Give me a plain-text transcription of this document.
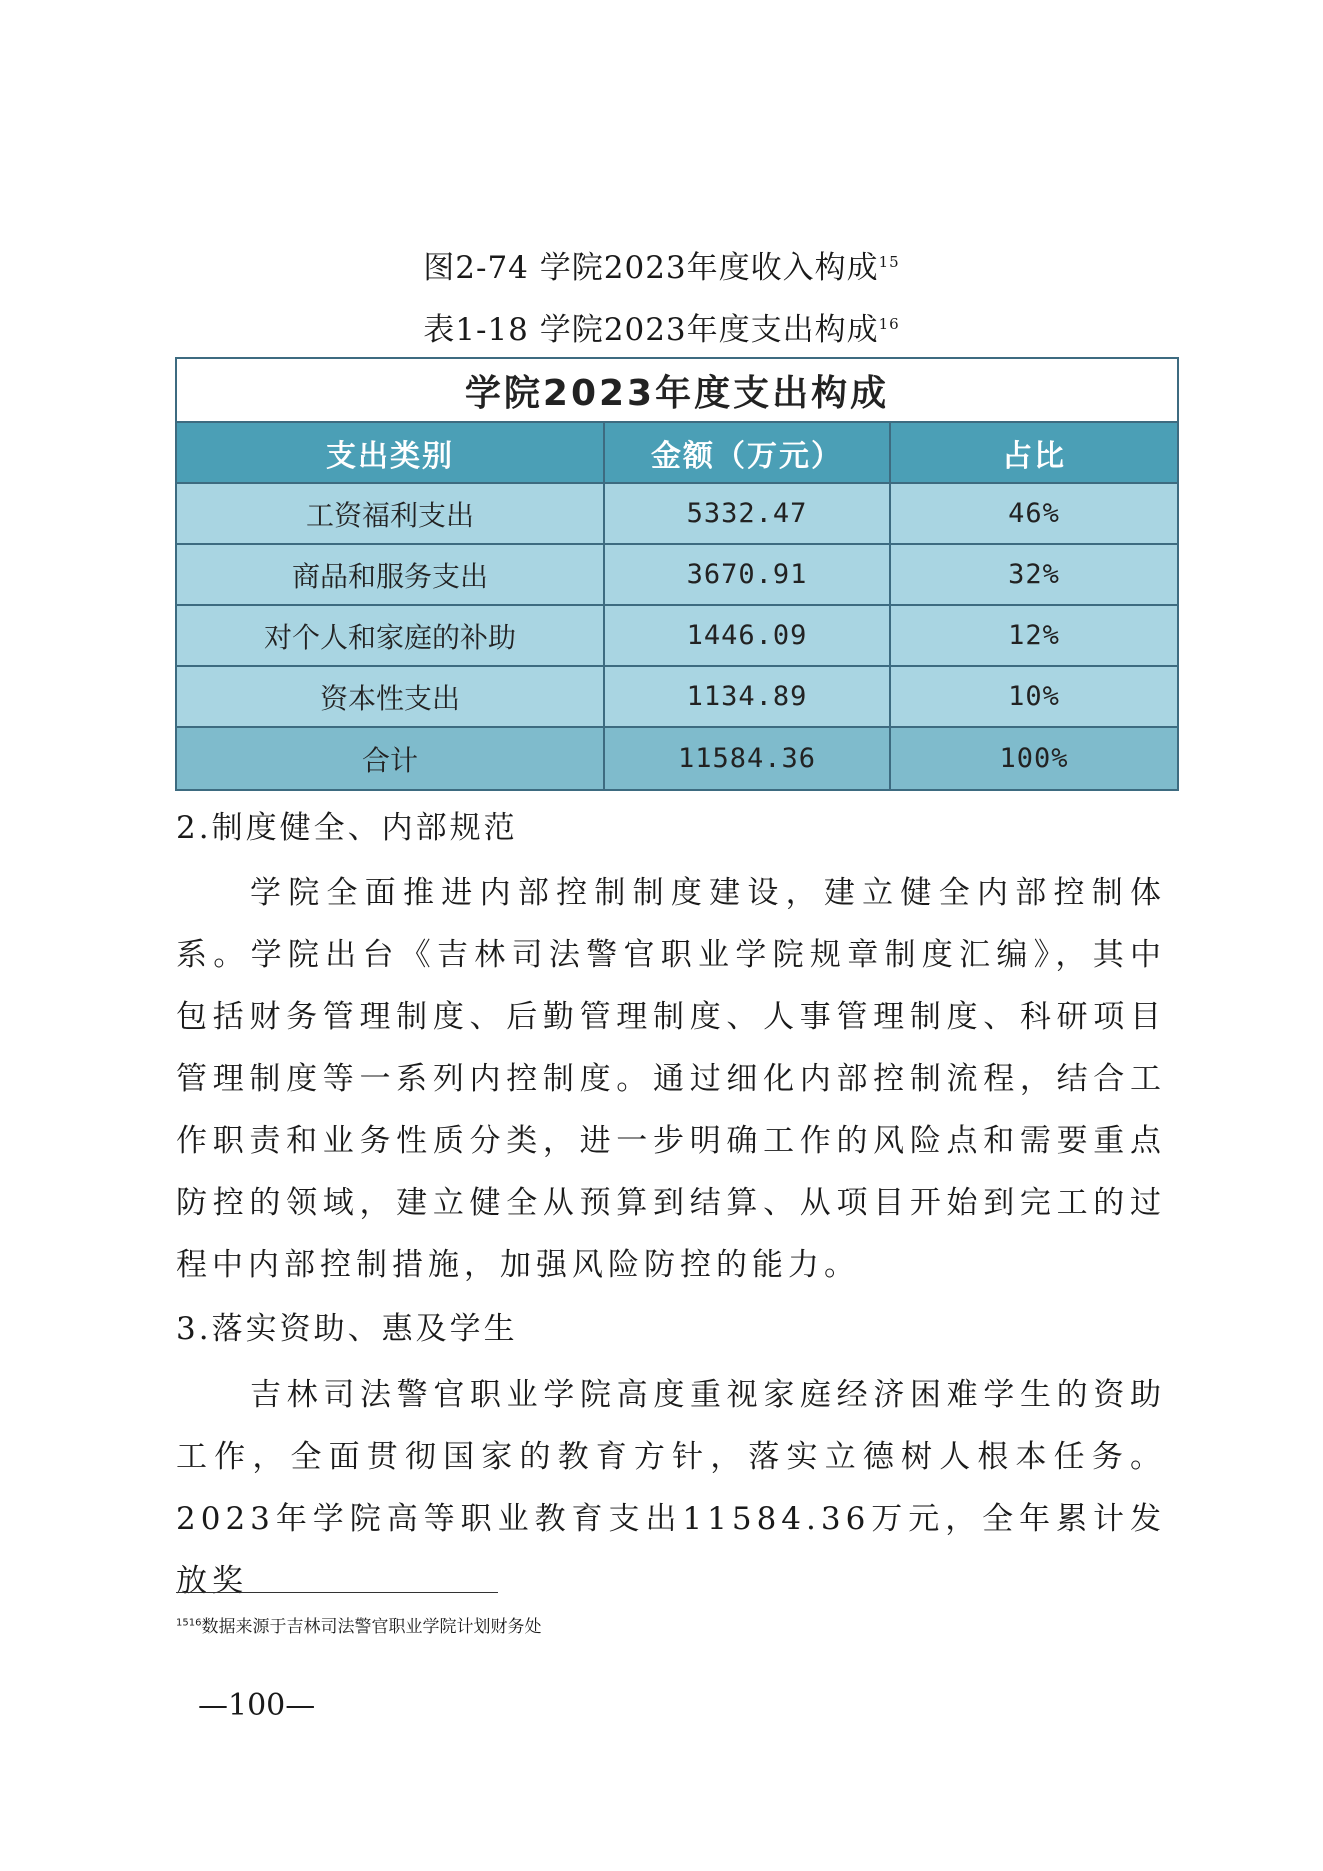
图2-74 学院2023年度收入构成$^{15}$
表1-18 学院2023年度支出构成$^{16}$
学院2023年度支出构成
支出类别	金额（万元）	占比
工资福利支出	5332.47	46%
商品和服务支出	3670.91	32%
对个人和家庭的补助	1446.09	12%
资本性支出	1134.89	10%
合计	11584.36	100%
2.制度健全、内部规范
学院全面推进内部控制制度建设，建立健全内部控制体系。学院出台《吉林司法警官职业学院规章制度汇编》，其中包括财务管理制度、后勤管理制度、人事管理制度、科研项目管理制度等一系列内控制度。通过细化内部控制流程，结合工作职责和业务性质分类，进一步明确工作的风险点和需要重点防控的领域，建立健全从预算到结算、从项目开始到完工的过程中内部控制措施，加强风险防控的能力。
3.落实资助、惠及学生
吉林司法警官职业学院高度重视家庭经济困难学生的资助工作，全面贯彻国家的教育方针，落实立德树人根本任务。2023年学院高等职业教育支出11584.36万元，全年累计发放奖
$^{1516}$数据来源于吉林司法警官职业学院计划财务处
—100—
